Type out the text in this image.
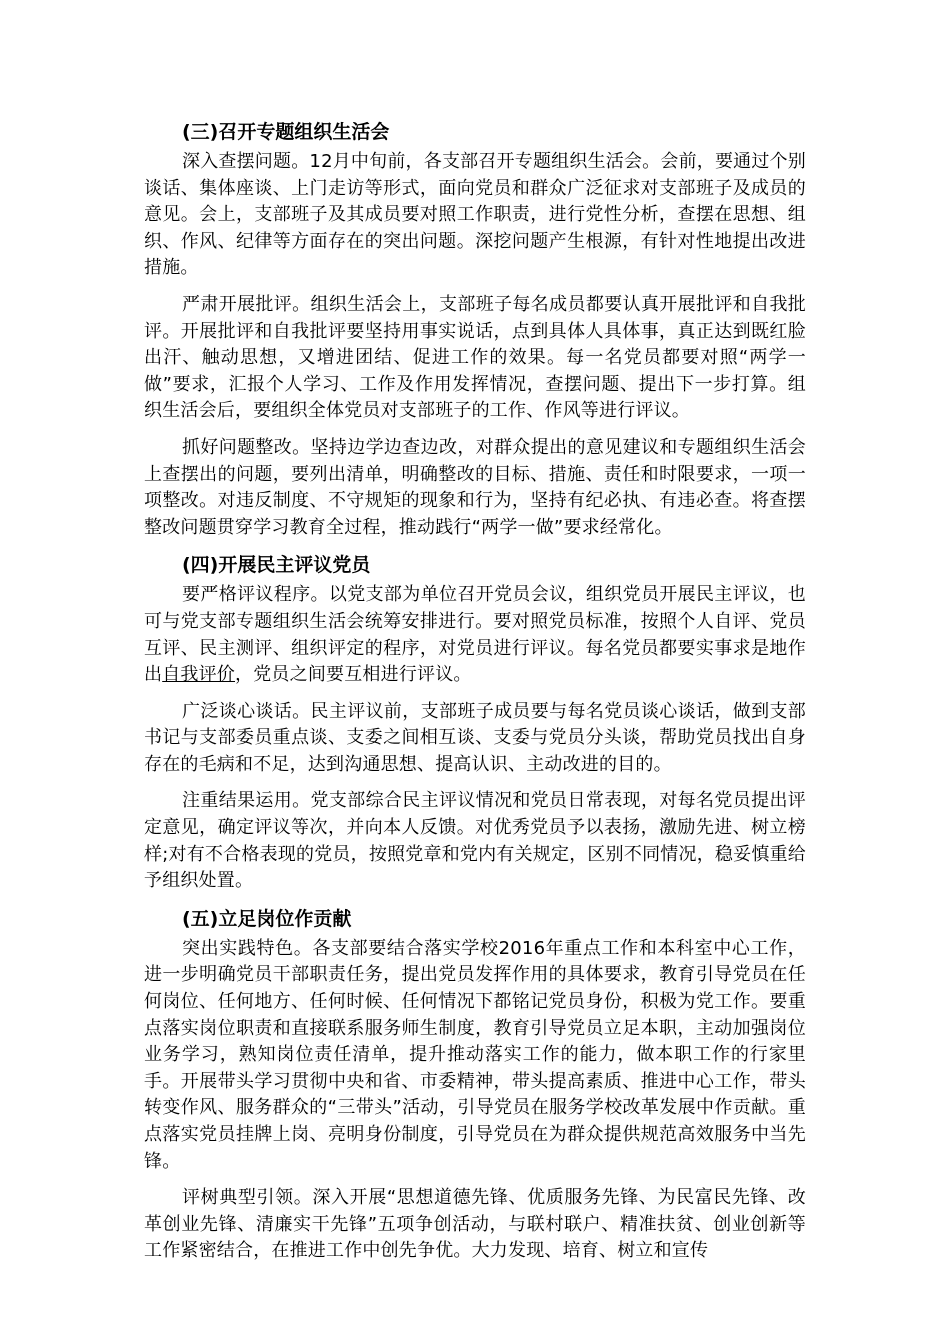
(三)召开专题组织生活会

深入查摆问题。12月中旬前，各支部召开专题组织生活会。会前，要通过个别谈话、集体座谈、上门走访等形式，面向党员和群众广泛征求对支部班子及成员的意见。会上，支部班子及其成员要对照工作职责，进行党性分析，查摆在思想、组织、作风、纪律等方面存在的突出问题。深挖问题产生根源，有针对性地提出改进措施。

严肃开展批评。组织生活会上，支部班子每名成员都要认真开展批评和自我批评。开展批评和自我批评要坚持用事实说话，点到具体人具体事，真正达到既红脸出汗、触动思想，又增进团结、促进工作的效果。每一名党员都要对照“两学一做”要求，汇报个人学习、工作及作用发挥情况，查摆问题、提出下一步打算。组织生活会后，要组织全体党员对支部班子的工作、作风等进行评议。

抓好问题整改。坚持边学边查边改，对群众提出的意见建议和专题组织生活会上查摆出的问题，要列出清单，明确整改的目标、措施、责任和时限要求，一项一项整改。对违反制度、不守规矩的现象和行为，坚持有纪必执、有违必查。将查摆整改问题贯穿学习教育全过程，推动践行“两学一做”要求经常化。

(四)开展民主评议党员

要严格评议程序。以党支部为单位召开党员会议，组织党员开展民主评议，也可与党支部专题组织生活会统筹安排进行。要对照党员标准，按照个人自评、党员互评、民主测评、组织评定的程序，对党员进行评议。每名党员都要实事求是地作出自我评价，党员之间要互相进行评议。

广泛谈心谈话。民主评议前，支部班子成员要与每名党员谈心谈话，做到支部书记与支部委员重点谈、支委之间相互谈、支委与党员分头谈，帮助党员找出自身存在的毛病和不足，达到沟通思想、提高认识、主动改进的目的。

注重结果运用。党支部综合民主评议情况和党员日常表现，对每名党员提出评定意见，确定评议等次，并向本人反馈。对优秀党员予以表扬，激励先进、树立榜样;对有不合格表现的党员，按照党章和党内有关规定，区别不同情况，稳妥慎重给予组织处置。

(五)立足岗位作贡献

突出实践特色。各支部要结合落实学校2016年重点工作和本科室中心工作，进一步明确党员干部职责任务，提出党员发挥作用的具体要求，教育引导党员在任何岗位、任何地方、任何时候、任何情况下都铭记党员身份，积极为党工作。要重点落实岗位职责和直接联系服务师生制度，教育引导党员立足本职，主动加强岗位业务学习，熟知岗位责任清单，提升推动落实工作的能力，做本职工作的行家里手。开展带头学习贯彻中央和省、市委精神，带头提高素质、推进中心工作，带头转变作风、服务群众的“三带头”活动，引导党员在服务学校改革发展中作贡献。重点落实党员挂牌上岗、亮明身份制度，引导党员在为群众提供规范高效服务中当先锋。

评树典型引领。深入开展“思想道德先锋、优质服务先锋、为民富民先锋、改革创业先锋、清廉实干先锋”五项争创活动，与联村联户、精准扶贫、创业创新等工作紧密结合，在推进工作中创先争优。大力发现、培育、树立和宣传
